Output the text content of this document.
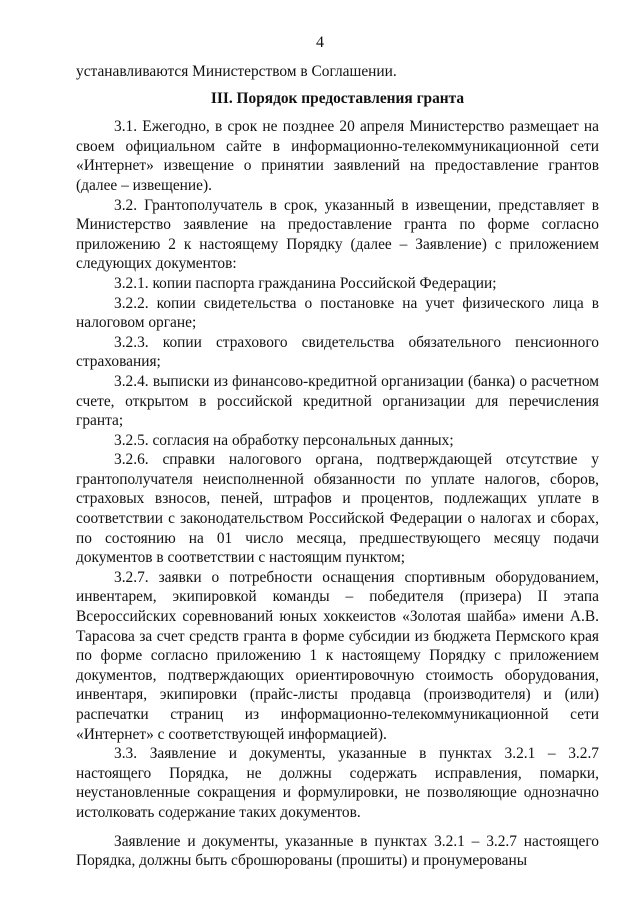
4

устанавливаются Министерством в Соглашении.

III. Порядок предоставления гранта

3.1. Ежегодно, в срок не позднее 20 апреля Министерство размещает на своем официальном сайте в информационно-телекоммуникационной сети «Интернет» извещение о принятии заявлений на предоставление грантов (далее – извещение).

3.2. Грантополучатель в срок, указанный в извещении, представляет в Министерство заявление на предоставление гранта по форме согласно приложению 2 к настоящему Порядку (далее – Заявление) с приложением следующих документов:

3.2.1. копии паспорта гражданина Российской Федерации;

3.2.2. копии свидетельства о постановке на учет физического лица в налоговом органе;

3.2.3. копии страхового свидетельства обязательного пенсионного страхования;

3.2.4. выписки из финансово-кредитной организации (банка) о расчетном счете, открытом в российской кредитной организации для перечисления гранта;

3.2.5. согласия на обработку персональных данных;

3.2.6. справки налогового органа, подтверждающей отсутствие у грантополучателя неисполненной обязанности по уплате налогов, сборов, страховых взносов, пеней, штрафов и процентов, подлежащих уплате в соответствии с законодательством Российской Федерации о налогах и сборах, по состоянию на 01 число месяца, предшествующего месяцу подачи документов в соответствии с настоящим пунктом;

3.2.7. заявки о потребности оснащения спортивным оборудованием, инвентарем, экипировкой команды – победителя (призера) II этапа Всероссийских соревнований юных хоккеистов «Золотая шайба» имени А.В. Тарасова за счет средств гранта в форме субсидии из бюджета Пермского края по форме согласно приложению 1 к настоящему Порядку с приложением документов, подтверждающих ориентировочную стоимость оборудования, инвентаря, экипировки (прайс-листы продавца (производителя) и (или) распечатки страниц из информационно-телекоммуникационной сети «Интернет» с соответствующей информацией).

3.3. Заявление и документы, указанные в пунктах 3.2.1 – 3.2.7 настоящего Порядка, не должны содержать исправления, помарки, неустановленные сокращения и формулировки, не позволяющие однозначно истолковать содержание таких документов.

Заявление и документы, указанные в пунктах 3.2.1 – 3.2.7 настоящего Порядка, должны быть сброшюрованы (прошиты) и пронумерованы
